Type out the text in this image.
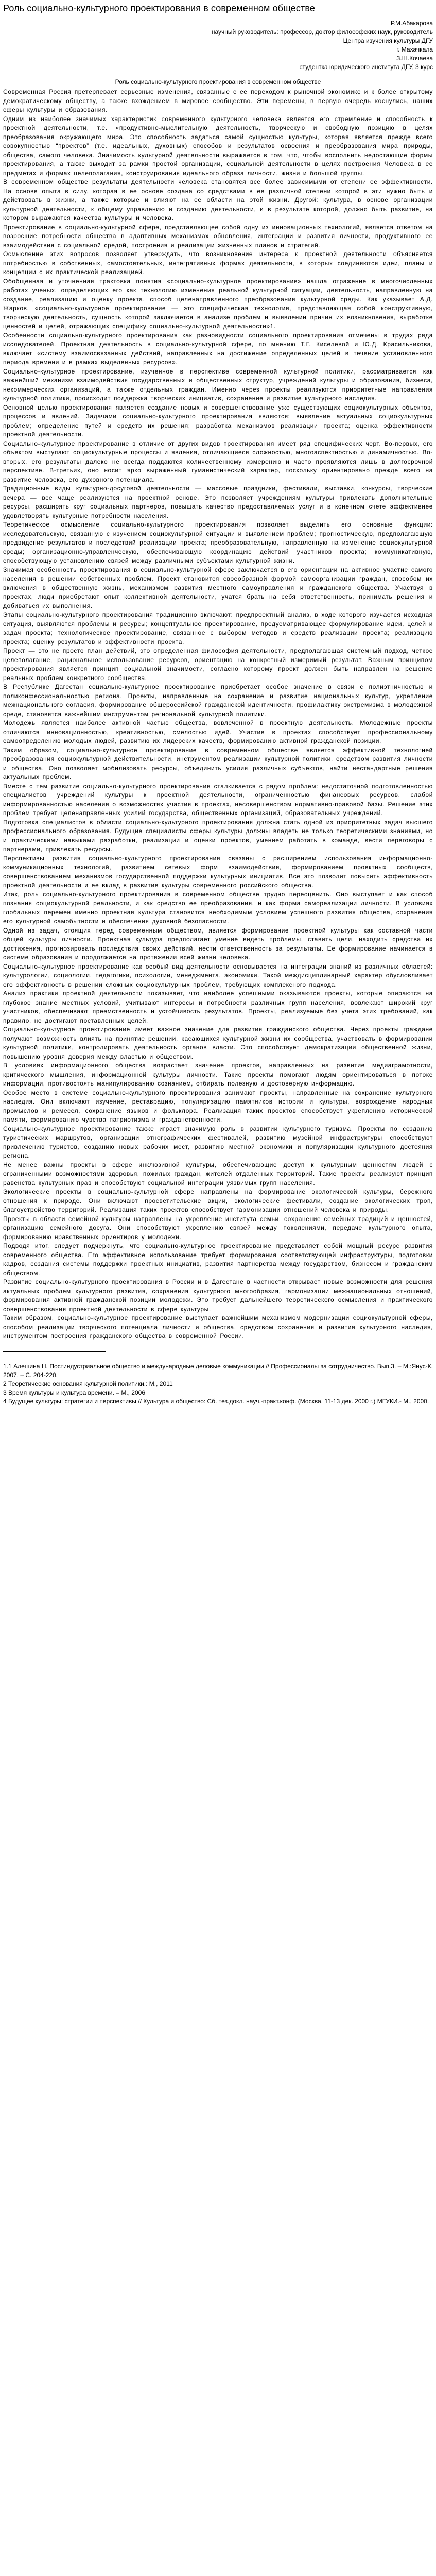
Роль социально-культурного проектирования в современном обществе
Р.М.Абакарова
научный руководитель: профессор, доктор философских наук, руководитель
Центра изучения культуры ДГУ
г. Махачкала
З.Ш.Кочаева
студентка юридического института ДГУ, 3 курс
Роль социально-культурного проектирования в современном обществе

Современная Россия претерпевает серьезные изменения, связанные с ее переходом к рыночной экономике и к более открытому демократическому обществу, а также вхождением в мировое сообщество. Эти перемены, в первую очередь коснулись, наших сферы культуры и образования.

Одним из наиболее значимых характеристик современного культурного человека является его стремление и способность к проектной деятельности, т.е. «продуктивно-мыслительную деятельность, творческую и свободную позицию в целях преобразования окружающего мира. Это способность задаться самой сущностью культуры, которая является прежде всего совокупностью “проектов” (т.е. идеальных, духовных) способов и результатов освоения и преобразования мира природы, общества, самого человека. Значимость культурной деятельности выражается в том, что, чтобы восполнить недостающие формы проектирования, а также выходит за рамки простой организации, социальной деятельности в целях построения Человека в ее предметах и формах целеполагания, конструирования идеального образа личности, жизни и большой группы.

В современном обществе результаты деятельности человека становятся все более зависимыми от степени ее эффективности. На основе опыта в силу, которая в ее основе создана со средствами в ее различной степени которой в эти нужно быть и действовать в жизни, а также которые и влияют на ее области на этой жизни. Другой: культура, в основе организации культурной деятельности, к общему управлению и созданию деятельности, и в результате которой, должно быть развитие, на котором выражаются качества культуры и человека.

Проектирование в социально-культурной сфере, представляющее собой одну из инновационных технологий, является ответом на возросшие потребности общества в адаптивных механизмах обновления, интеграции и развития личности, продуктивного ее взаимодействия с социальной средой, построения и реализации жизненных планов и стратегий.

Осмысление этих вопросов позволяет утверждать, что возникновение интереса к проектной деятельности объясняется потребностью в собственных, самостоятельных, интегративных формах деятельности, в которых соединяются идеи, планы и концепции с их практической реализацией.

Обобщенная и уточненная трактовка понятия «социально-культурное проектирование» нашла отражение в многочисленных работах ученых, определяющих его как технологию изменения реальной культурной ситуации, деятельность, направленную на создание, реализацию и оценку проекта, способ целенаправленного преобразования культурной среды. Как указывает А.Д. Жарков, «социально-культурное проектирование — это специфическая технология, представляющая собой конструктивную, творческую деятельность, сущность которой заключается в анализе проблем и выявлении причин их возникновения, выработке ценностей и целей, отражающих специфику социально-культурной деятельности»1.

Особенности социально-культурного проектирования как разновидности социального проектирования отмечены в трудах ряда исследователей. Проектная деятельность в социально-культурной сфере, по мнению Т.Г. Киселевой и Ю.Д. Красильникова, включает «систему взаимосвязанных действий, направленных на достижение определенных целей в течение установленного периода времени и в рамках выделенных ресурсов».

Социально-культурное проектирование, изученное в перспективе современной культурной политики, рассматривается как важнейший механизм взаимодействия государственных и общественных структур, учреждений культуры и образования, бизнеса, некоммерческих организаций, а также отдельных граждан. Именно через проекты реализуются приоритетные направления культурной политики, происходит поддержка творческих инициатив, сохранение и развитие культурного наследия.

Основной целью проектирования является создание новых и совершенствование уже существующих социокультурных объектов, процессов и явлений. Задачами социально-культурного проектирования являются: выявление актуальных социокультурных проблем; определение путей и средств их решения; разработка механизмов реализации проекта; оценка эффективности проектной деятельности.

Социально-культурное проектирование в отличие от других видов проектирования имеет ряд специфических черт. Во-первых, его объектом выступают социокультурные процессы и явления, отличающиеся сложностью, многоаспектностью и динамичностью. Во-вторых, его результаты далеко не всегда поддаются количественному измерению и часто проявляются лишь в долгосрочной перспективе. В-третьих, оно носит ярко выраженный гуманистический характер, поскольку ориентировано прежде всего на развитие человека, его духовного потенциала.

Традиционные виды культурно-досуговой деятельности — массовые праздники, фестивали, выставки, конкурсы, творческие вечера — все чаще реализуются на проектной основе. Это позволяет учреждениям культуры привлекать дополнительные ресурсы, расширять круг социальных партнеров, повышать качество предоставляемых услуг и в конечном счете эффективнее удовлетворять культурные потребности населения.

Теоретическое осмысление социально-культурного проектирования позволяет выделить его основные функции: исследовательскую, связанную с изучением социокультурной ситуации и выявлением проблем; прогностическую, предполагающую предвидение результатов и последствий реализации проекта; преобразовательную, направленную на изменение социокультурной среды; организационно-управленческую, обеспечивающую координацию действий участников проекта; коммуникативную, способствующую установлению связей между различными субъектами культурной жизни.

Значимая особенность проектирования в социально-культурной сфере заключается в его ориентации на активное участие самого населения в решении собственных проблем. Проект становится своеобразной формой самоорганизации граждан, способом их включения в общественную жизнь, механизмом развития местного самоуправления и гражданского общества. Участвуя в проектах, люди приобретают опыт коллективной деятельности, учатся брать на себя ответственность, принимать решения и добиваться их выполнения.

Этапы социально-культурного проектирования традиционно включают: предпроектный анализ, в ходе которого изучается исходная ситуация, выявляются проблемы и ресурсы; концептуальное проектирование, предусматривающее формулирование идеи, целей и задач проекта; технологическое проектирование, связанное с выбором методов и средств реализации проекта; реализацию проекта; оценку результатов и эффективности проекта.

Проект — это не просто план действий, это определенная философия деятельности, предполагающая системный подход, четкое целеполагание, рациональное использование ресурсов, ориентацию на конкретный измеримый результат. Важным принципом проектирования является принцип социальной значимости, согласно которому проект должен быть направлен на решение реальных проблем конкретного сообщества.

В Республике Дагестан социально-культурное проектирование приобретает особое значение в связи с полиэтничностью и поликонфессиональностью региона. Проекты, направленные на сохранение и развитие национальных культур, укрепление межнационального согласия, формирование общероссийской гражданской идентичности, профилактику экстремизма в молодежной среде, становятся важнейшим инструментом региональной культурной политики.

Молодежь является наиболее активной частью общества, вовлеченной в проектную деятельность. Молодежные проекты отличаются инновационностью, креативностью, смелостью идей. Участие в проектах способствует профессиональному самоопределению молодых людей, развитию их лидерских качеств, формированию активной гражданской позиции.

Таким образом, социально-культурное проектирование в современном обществе является эффективной технологией преобразования социокультурной действительности, инструментом реализации культурной политики, средством развития личности и общества. Оно позволяет мобилизовать ресурсы, объединить усилия различных субъектов, найти нестандартные решения актуальных проблем.

Вместе с тем развитие социально-культурного проектирования сталкивается с рядом проблем: недостаточной подготовленностью специалистов учреждений культуры к проектной деятельности, ограниченностью финансовых ресурсов, слабой информированностью населения о возможностях участия в проектах, несовершенством нормативно-правовой базы. Решение этих проблем требует целенаправленных усилий государства, общественных организаций, образовательных учреждений.

Подготовка специалистов в области социально-культурного проектирования должна стать одной из приоритетных задач высшего профессионального образования. Будущие специалисты сферы культуры должны владеть не только теоретическими знаниями, но и практическими навыками разработки, реализации и оценки проектов, умением работать в команде, вести переговоры с партнерами, привлекать ресурсы.

Перспективы развития социально-культурного проектирования связаны с расширением использования информационно-коммуникационных технологий, развитием сетевых форм взаимодействия, формированием проектных сообществ, совершенствованием механизмов государственной поддержки культурных инициатив. Все это позволит повысить эффективность проектной деятельности и ее вклад в развитие культуры современного российского общества.

Итак, роль социально-культурного проектирования в современном обществе трудно переоценить. Оно выступает и как способ познания социокультурной реальности, и как средство ее преобразования, и как форма самореализации личности. В условиях глобальных перемен именно проектная культура становится необходимым условием успешного развития общества, сохранения его культурной самобытности и обеспечения духовной безопасности.

Одной из задач, стоящих перед современным обществом, является формирование проектной культуры как составной части общей культуры личности. Проектная культура предполагает умение видеть проблемы, ставить цели, находить средства их достижения, прогнозировать последствия своих действий, нести ответственность за результаты. Ее формирование начинается в системе образования и продолжается на протяжении всей жизни человека.

Социально-культурное проектирование как особый вид деятельности основывается на интеграции знаний из различных областей: культурологии, социологии, педагогики, психологии, менеджмента, экономики. Такой междисциплинарный характер обусловливает его эффективность в решении сложных социокультурных проблем, требующих комплексного подхода.

Анализ практики проектной деятельности показывает, что наиболее успешными оказываются проекты, которые опираются на глубокое знание местных условий, учитывают интересы и потребности различных групп населения, вовлекают широкий круг участников, обеспечивают преемственность и устойчивость результатов. Проекты, реализуемые без учета этих требований, как правило, не достигают поставленных целей.

Социально-культурное проектирование имеет важное значение для развития гражданского общества. Через проекты граждане получают возможность влиять на принятие решений, касающихся культурной жизни их сообщества, участвовать в формировании культурной политики, контролировать деятельность органов власти. Это способствует демократизации общественной жизни, повышению уровня доверия между властью и обществом.

В условиях информационного общества возрастает значение проектов, направленных на развитие медиаграмотности, критического мышления, информационной культуры личности. Такие проекты помогают людям ориентироваться в потоке информации, противостоять манипулированию сознанием, отбирать полезную и достоверную информацию.

Особое место в системе социально-культурного проектирования занимают проекты, направленные на сохранение культурного наследия. Они включают изучение, реставрацию, популяризацию памятников истории и культуры, возрождение народных промыслов и ремесел, сохранение языков и фольклора. Реализация таких проектов способствует укреплению исторической памяти, формированию чувства патриотизма и гражданственности.

Социально-культурное проектирование также играет значимую роль в развитии культурного туризма. Проекты по созданию туристических маршрутов, организации этнографических фестивалей, развитию музейной инфраструктуры способствуют привлечению туристов, созданию новых рабочих мест, развитию местной экономики и популяризации культурного достояния региона.

Не менее важны проекты в сфере инклюзивной культуры, обеспечивающие доступ к культурным ценностям людей с ограниченными возможностями здоровья, пожилых граждан, жителей отдаленных территорий. Такие проекты реализуют принцип равенства культурных прав и способствуют социальной интеграции уязвимых групп населения.

Экологические проекты в социально-культурной сфере направлены на формирование экологической культуры, бережного отношения к природе. Они включают просветительские акции, экологические фестивали, создание экологических троп, благоустройство территорий. Реализация таких проектов способствует гармонизации отношений человека и природы.

Проекты в области семейной культуры направлены на укрепление института семьи, сохранение семейных традиций и ценностей, организацию семейного досуга. Они способствуют укреплению связей между поколениями, передаче культурного опыта, формированию нравственных ориентиров у молодежи.

Подводя итог, следует подчеркнуть, что социально-культурное проектирование представляет собой мощный ресурс развития современного общества. Его эффективное использование требует формирования соответствующей инфраструктуры, подготовки кадров, создания системы поддержки проектных инициатив, развития партнерства между государством, бизнесом и гражданским обществом.

Развитие социально-культурного проектирования в России и в Дагестане в частности открывает новые возможности для решения актуальных проблем культурного развития, сохранения культурного многообразия, гармонизации межнациональных отношений, формирования активной гражданской позиции молодежи. Это требует дальнейшего теоретического осмысления и практического совершенствования проектной деятельности в сфере культуры.

Таким образом, социально-культурное проектирование выступает важнейшим механизмом модернизации социокультурной сферы, способом реализации творческого потенциала личности и общества, средством сохранения и развития культурного наследия, инструментом построения гражданского общества в современной России.

1.1 Алешина Н. Постиндустриальное общество и международные деловые коммуникации // Профессионалы за сотрудничество. Вып.3. – М.:Янус-К, 2007. – С. 204-220.

2 Теоретические основания культурной политики.: М., 2011

3 Время культуры и культура времени. – М., 2006

4 Будущее культуры: стратегии и перспективы // Культура и общество: Сб. тез.докл. науч.-практ.конф. (Москва, 11-13 дек. 2000 г.) МГУКИ.- М., 2000.
